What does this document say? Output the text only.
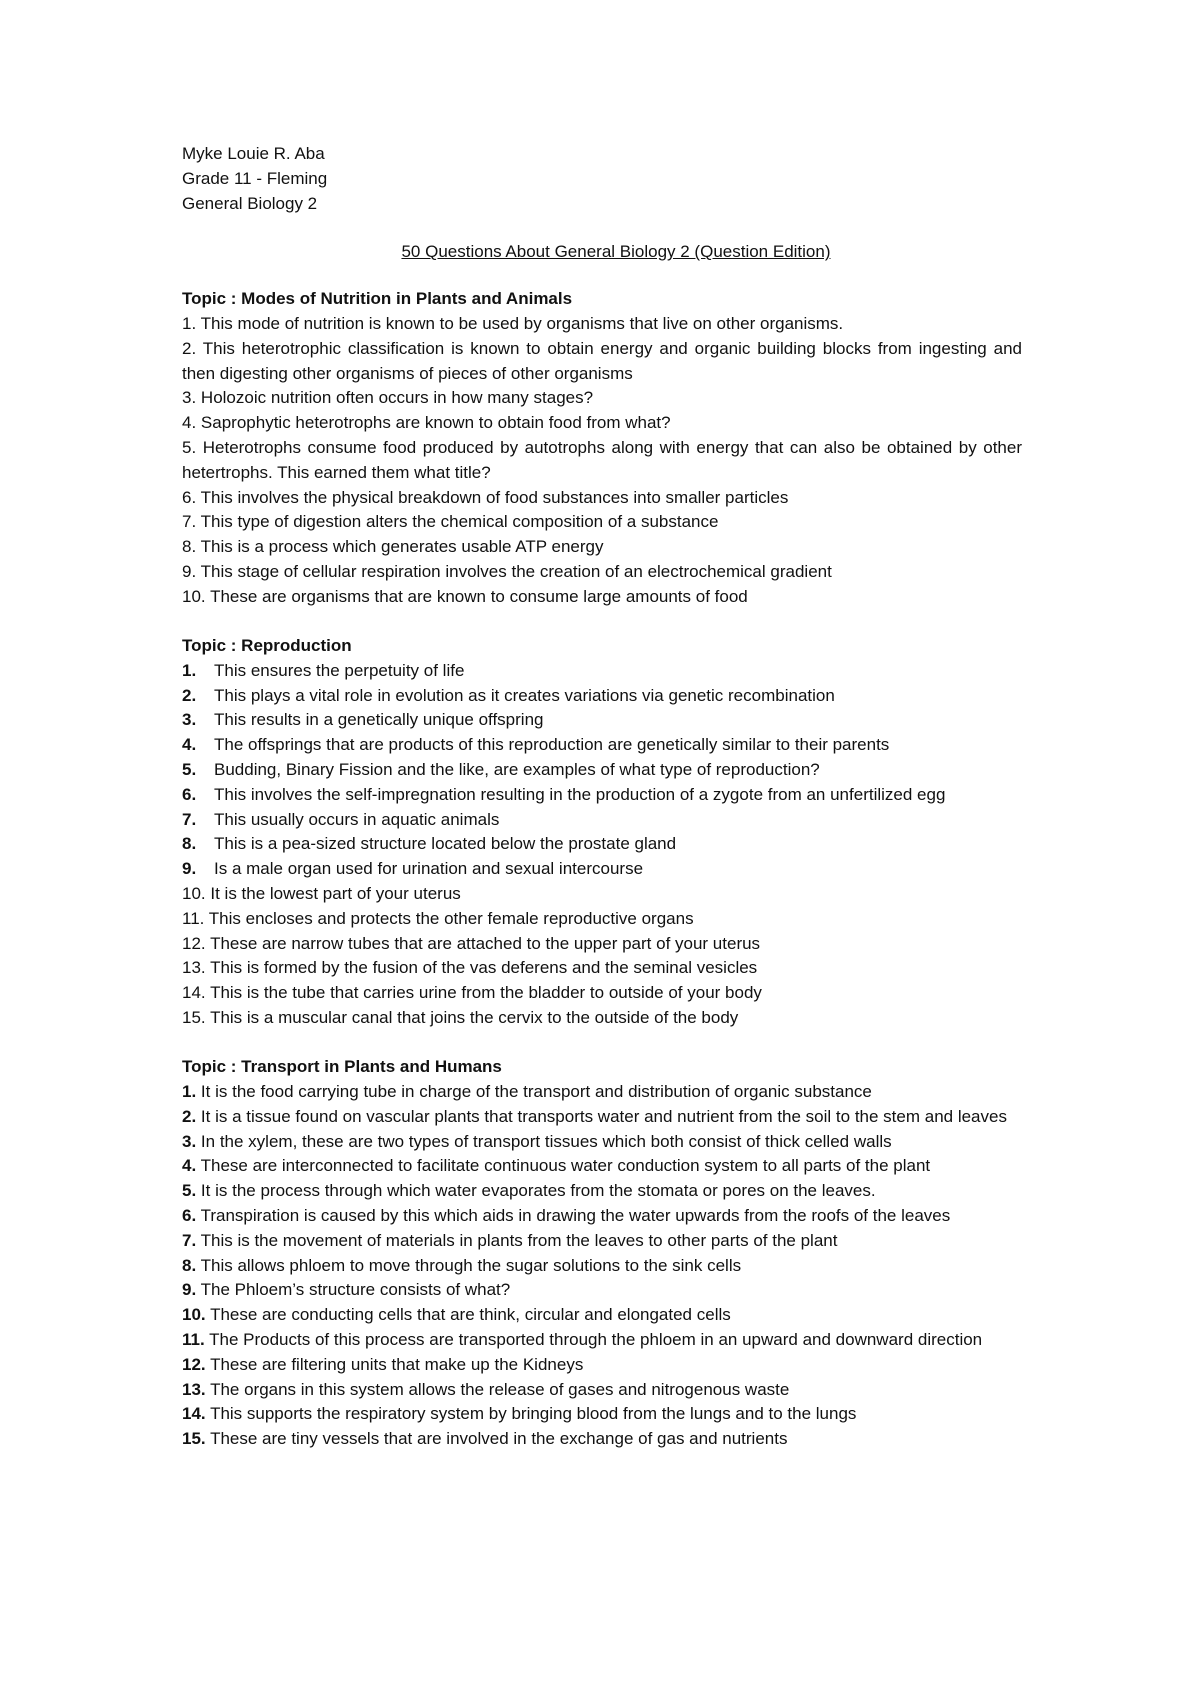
Myke Louie R. Aba
Grade 11 - Fleming
General Biology 2
50 Questions About General Biology 2 (Question Edition)
Topic : Modes of Nutrition in Plants and Animals
1. This mode of nutrition is known to be used by organisms that live on other organisms.
2. This heterotrophic classification is known to obtain energy and organic building blocks from ingesting and then digesting other organisms of pieces of other organisms
3. Holozoic nutrition often occurs in how many stages?
4. Saprophytic heterotrophs are known to obtain food from what?
5. Heterotrophs consume food produced by autotrophs along with energy that can also be obtained by other hetertrophs. This earned them what title?
6. This involves the physical breakdown of food substances into smaller particles
7. This type of digestion alters the chemical composition of a substance
8. This is a process which generates usable ATP energy
9. This stage of cellular respiration involves the creation of an electrochemical gradient
10. These are organisms that are known to consume large amounts of food
Topic : Reproduction
1.	This ensures the perpetuity of life
2.	This plays a vital role in evolution as it creates variations via genetic recombination
3.	This results in a genetically unique offspring
4.	The offsprings that are products of this reproduction are genetically similar to their parents
5.	Budding, Binary Fission and the like, are examples of what type of reproduction?
6.	This involves the self-impregnation resulting in the production of a zygote from an unfertilized egg
7.	This usually occurs in aquatic animals
8.	This is a pea-sized structure located below the prostate gland
9.	Is a male organ used for urination and sexual intercourse
10. It is the lowest part of your uterus
11. This encloses and protects the other female reproductive organs
12. These are narrow tubes that are attached to the upper part of your uterus
13. This is formed by the fusion of the vas deferens and the seminal vesicles
14. This is the tube that carries urine from the bladder to outside of your body
15. This is a muscular canal that joins the cervix to the outside of the body
Topic : Transport in Plants and Humans
1. It is the food carrying tube in charge of the transport and distribution of organic substance
2. It is a tissue found on vascular plants that transports water and nutrient from the soil to the stem and leaves
3. In the xylem, these are two types of transport tissues which both consist of thick celled walls
4. These are interconnected to facilitate continuous water conduction system to all parts of the plant
5. It is the process through which water evaporates from the stomata or pores on the leaves.
6. Transpiration is caused by this which aids in drawing the water upwards from the roofs of the leaves
7. This is the movement of materials in plants from the leaves to other parts of the plant
8. This allows phloem to move through the sugar solutions to the sink cells
9. The Phloem’s structure consists of what?
10. These are conducting cells that are think, circular and elongated cells
11. The Products of this process are transported through the phloem in an upward and downward direction
12. These are filtering units that make up the Kidneys
13. The organs in this system allows the release of gases and nitrogenous waste
14. This supports the respiratory system by bringing blood from the lungs and to the lungs
15. These are tiny vessels that are involved in the exchange of gas and nutrients
